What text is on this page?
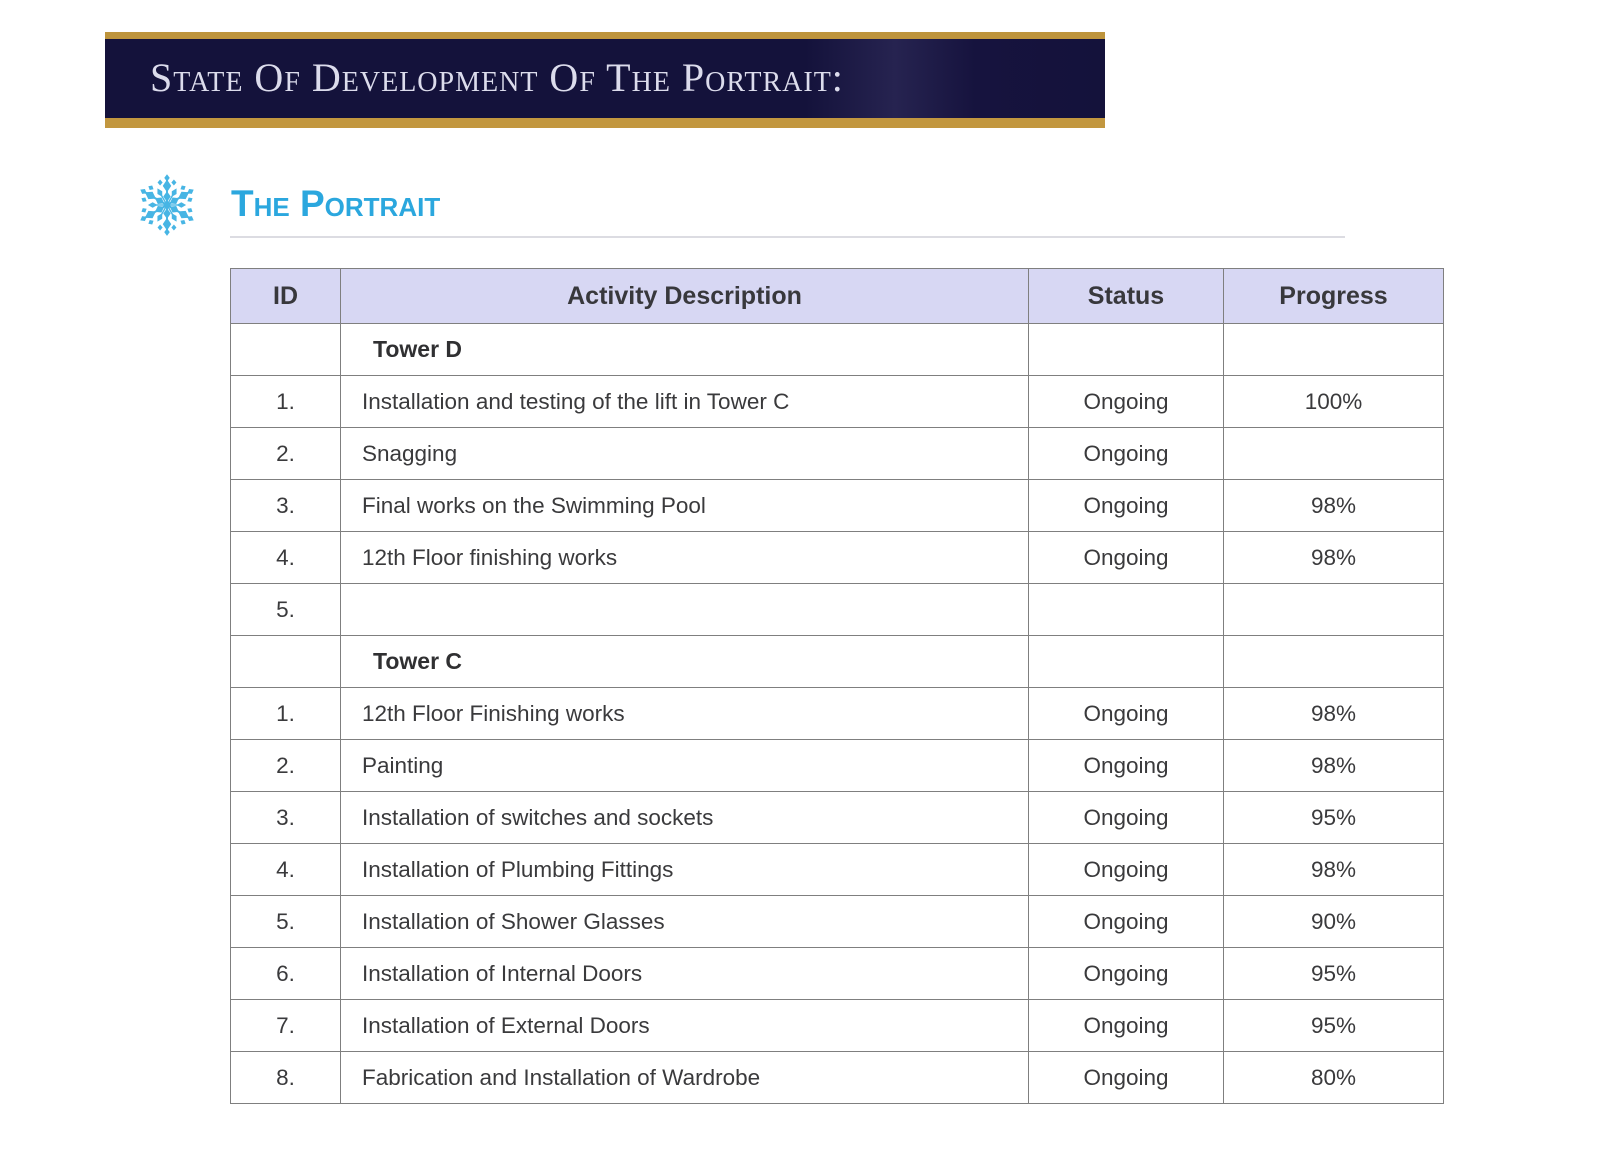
State Of Development Of The Portrait:
The Portrait
ID	Activity Description	Status	Progress
	Tower D		
1.	Installation and testing of the lift in Tower C	Ongoing	100%
2.	Snagging	Ongoing	
3.	Final works on the Swimming Pool	Ongoing	98%
4.	12th Floor finishing works	Ongoing	98%
5.			
	Tower C		
1.	12th Floor Finishing works	Ongoing	98%
2.	Painting	Ongoing	98%
3.	Installation of switches and sockets	Ongoing	95%
4.	Installation of Plumbing Fittings	Ongoing	98%
5.	Installation of Shower Glasses	Ongoing	90%
6.	Installation of Internal Doors	Ongoing	95%
7.	Installation of External Doors	Ongoing	95%
8.	Fabrication and Installation of Wardrobe	Ongoing	80%
